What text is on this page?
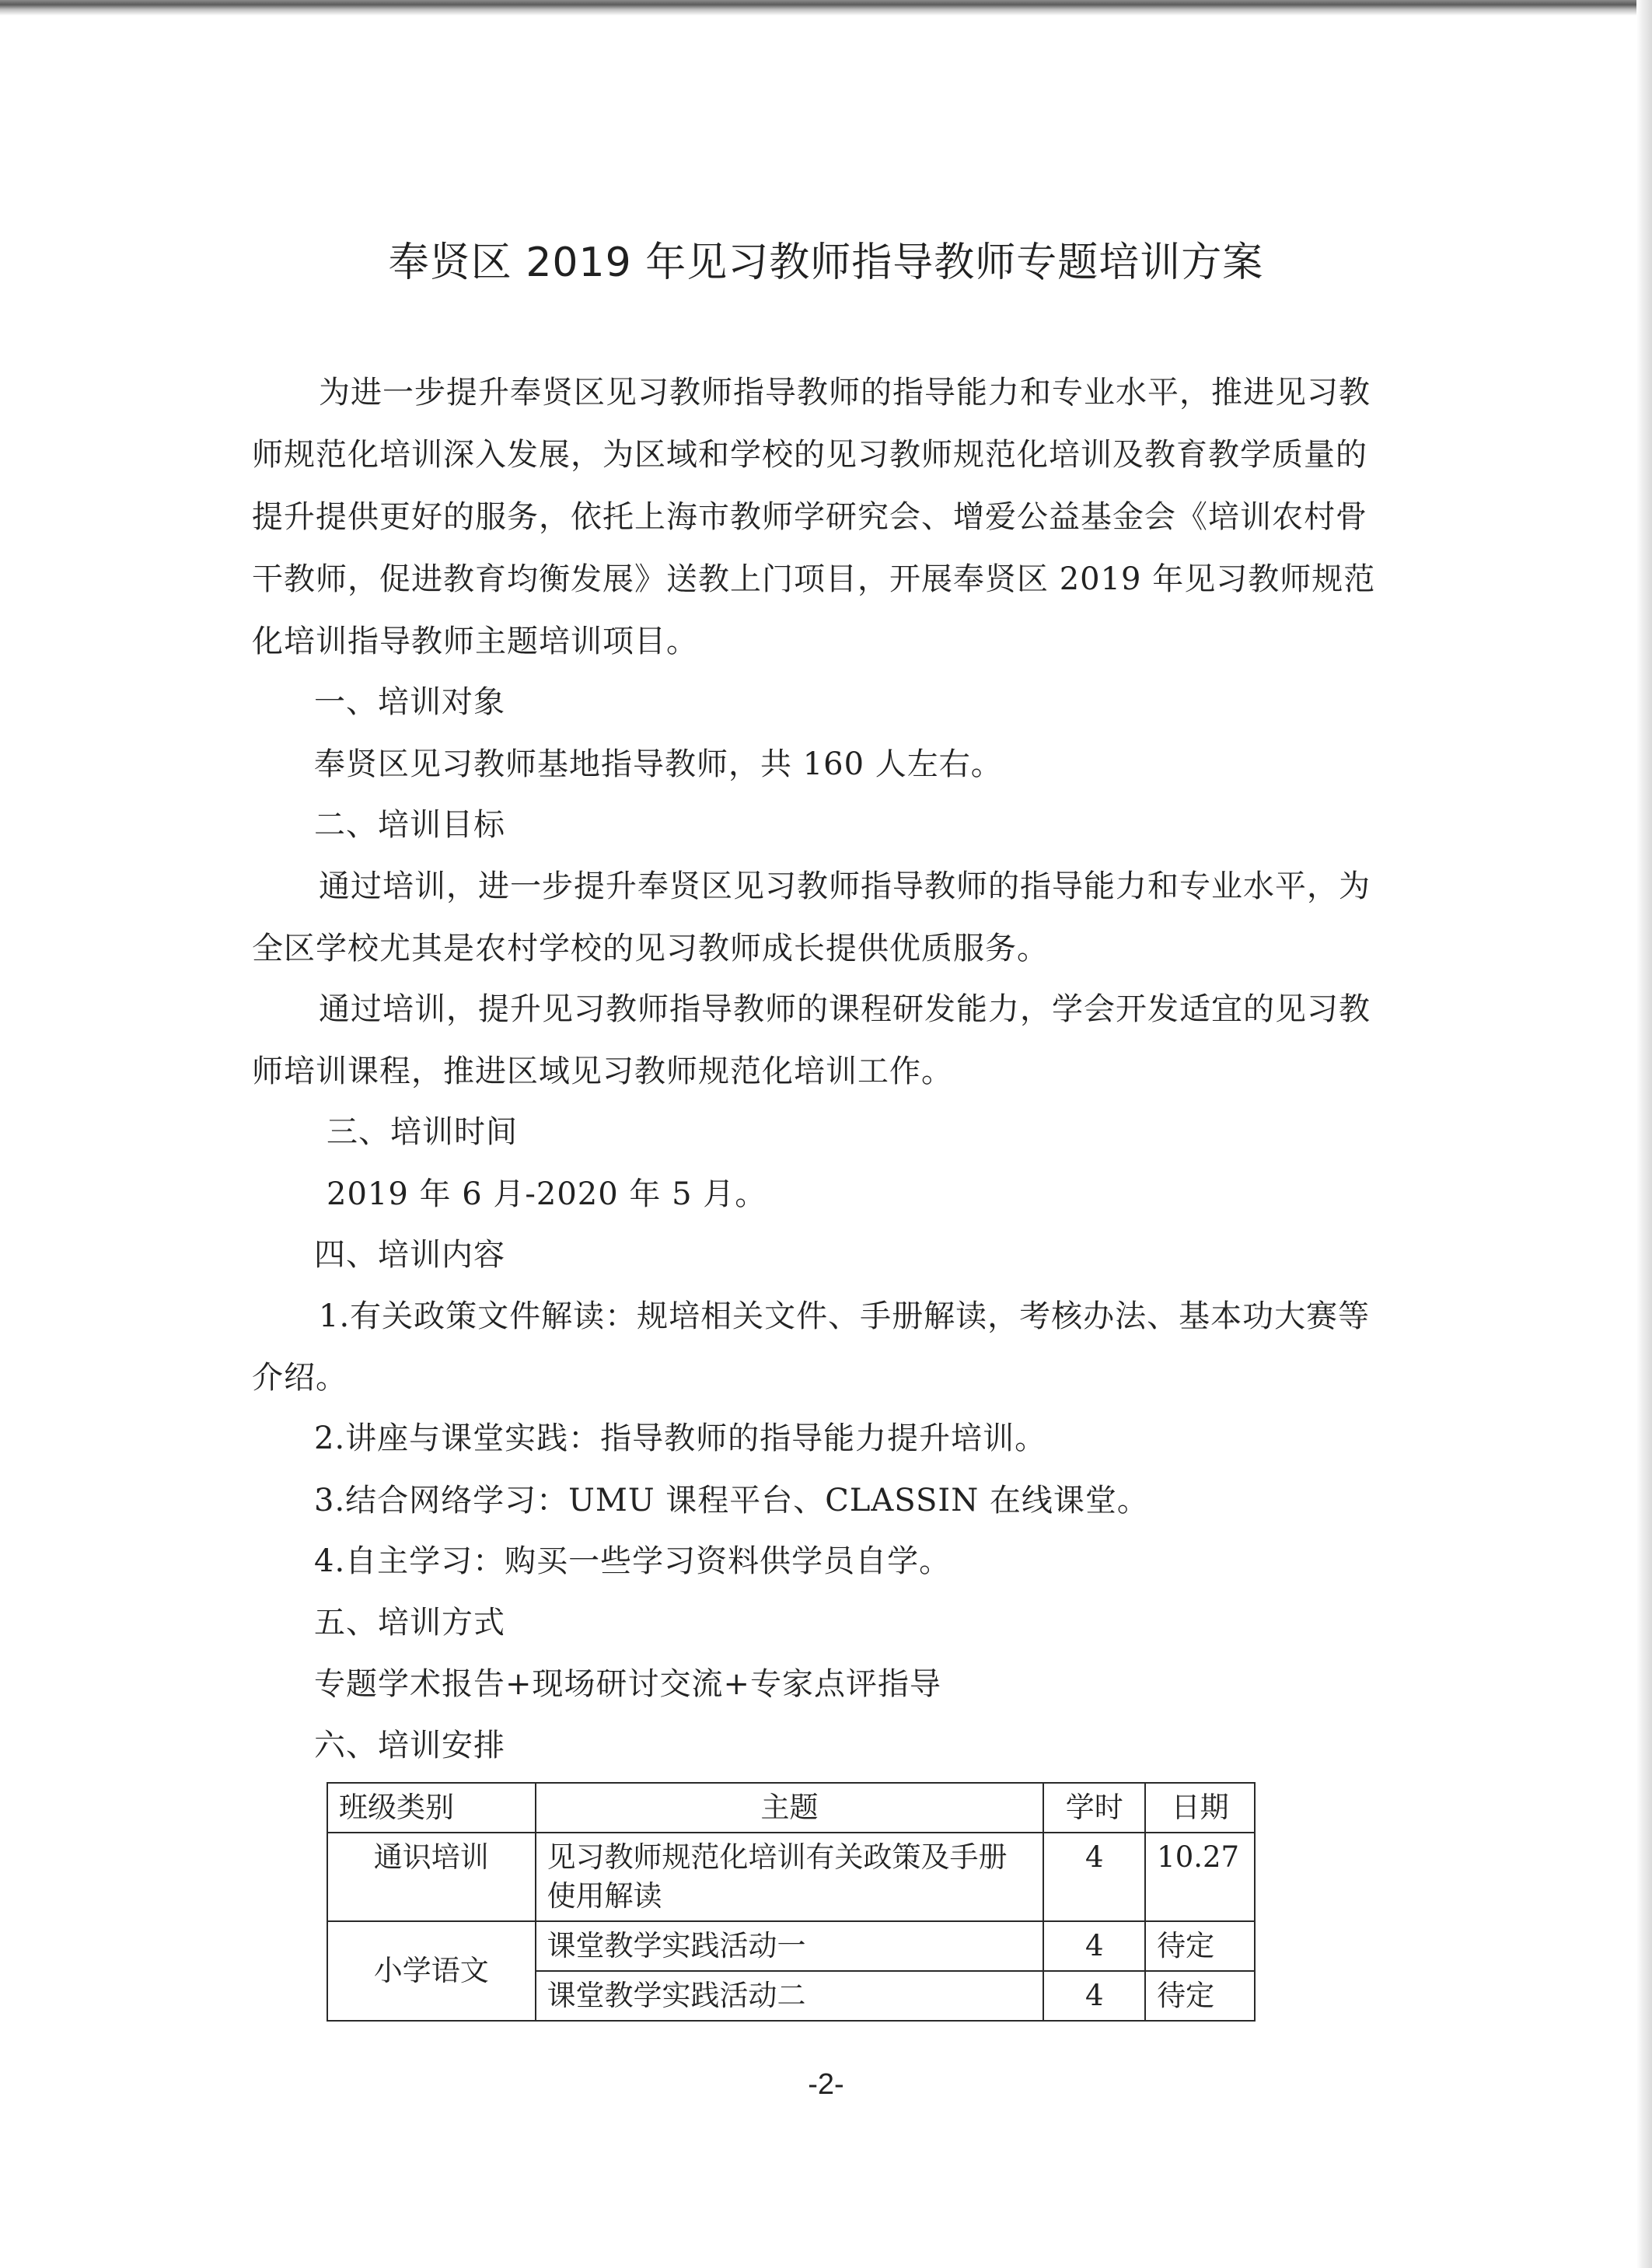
奉贤区 2019 年见习教师指导教师专题培训方案
为进一步提升奉贤区见习教师指导教师的指导能力和专业水平，推进见习教
师规范化培训深入发展，为区域和学校的见习教师规范化培训及教育教学质量的
提升提供更好的服务，依托上海市教师学研究会、增爱公益基金会《培训农村骨
干教师，促进教育均衡发展》送教上门项目，开展奉贤区 2019 年见习教师规范
化培训指导教师主题培训项目。
一、培训对象
奉贤区见习教师基地指导教师，共 160 人左右。
二、培训目标
通过培训，进一步提升奉贤区见习教师指导教师的指导能力和专业水平，为
全区学校尤其是农村学校的见习教师成长提供优质服务。
通过培训，提升见习教师指导教师的课程研发能力，学会开发适宜的见习教
师培训课程，推进区域见习教师规范化培训工作。
三、培训时间
2019 年 6 月-2020 年 5 月。
四、培训内容
1.有关政策文件解读：规培相关文件、手册解读，考核办法、基本功大赛等
介绍。
2.讲座与课堂实践：指导教师的指导能力提升培训。
3.结合网络学习：UMU 课程平台、CLASSIN 在线课堂。
4.自主学习：购买一些学习资料供学员自学。
五、培训方式
专题学术报告+现场研讨交流+专家点评指导
六、培训安排
班级类别	主题	学时	日期
通识培训	见习教师规范化培训有关政策及手册使用解读	4	10.27
小学语文	课堂教学实践活动一	4	待定
	课堂教学实践活动二	4	待定
-2-
